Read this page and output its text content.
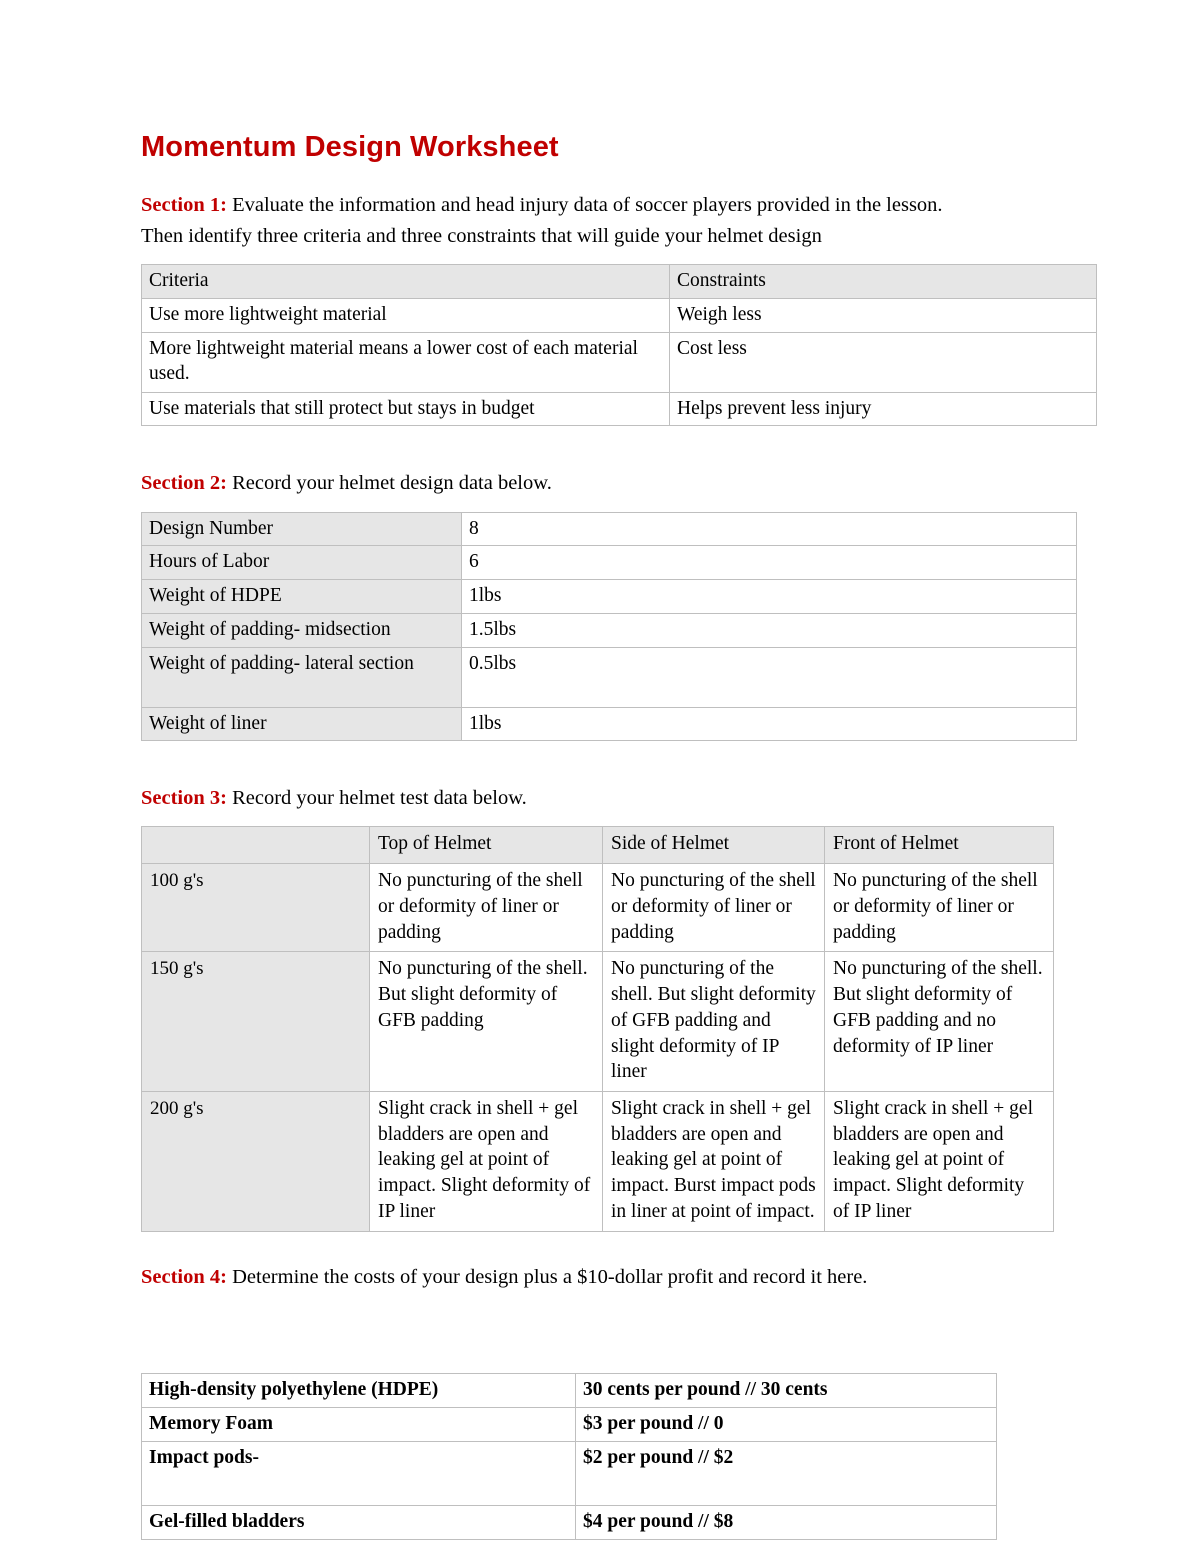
Momentum Design Worksheet

Section 1: Evaluate the information and head injury data of soccer players provided in the lesson.
Then identify three criteria and three constraints that will guide your helmet design

Criteria	Constraints
Use more lightweight material	Weigh less
More lightweight material means a lower cost of each material used.	Cost less
Use materials that still protect but stays in budget	Helps prevent less injury

Section 2: Record your helmet design data below.

Design Number	8
Hours of Labor	6
Weight of HDPE	1lbs
Weight of padding- midsection	1.5lbs
Weight of padding- lateral section	0.5lbs
Weight of liner	1lbs

Section 3: Record your helmet test data below.

	Top of Helmet	Side of Helmet	Front of Helmet
100 g's	No puncturing of the shell or deformity of liner or padding	No puncturing of the shell or deformity of liner or padding	No puncturing of the shell or deformity of liner or padding
150 g's	No puncturing of the shell. But slight deformity of GFB padding	No puncturing of the shell. But slight deformity of GFB padding and slight deformity of IP liner	No puncturing of the shell. But slight deformity of GFB padding and no deformity of IP liner
200 g's	Slight crack in shell + gel bladders are open and leaking gel at point of impact. Slight deformity of IP liner	Slight crack in shell + gel bladders are open and leaking gel at point of impact. Burst impact pods in liner at point of impact.	Slight crack in shell + gel bladders are open and leaking gel at point of impact. Slight deformity of IP liner

Section 4: Determine the costs of your design plus a $10-dollar profit and record it here.

High-density polyethylene (HDPE)	30 cents per pound // 30 cents
Memory Foam	$3 per pound // 0
Impact pods-	$2 per pound // $2
Gel-filled bladders	$4 per pound // $8
